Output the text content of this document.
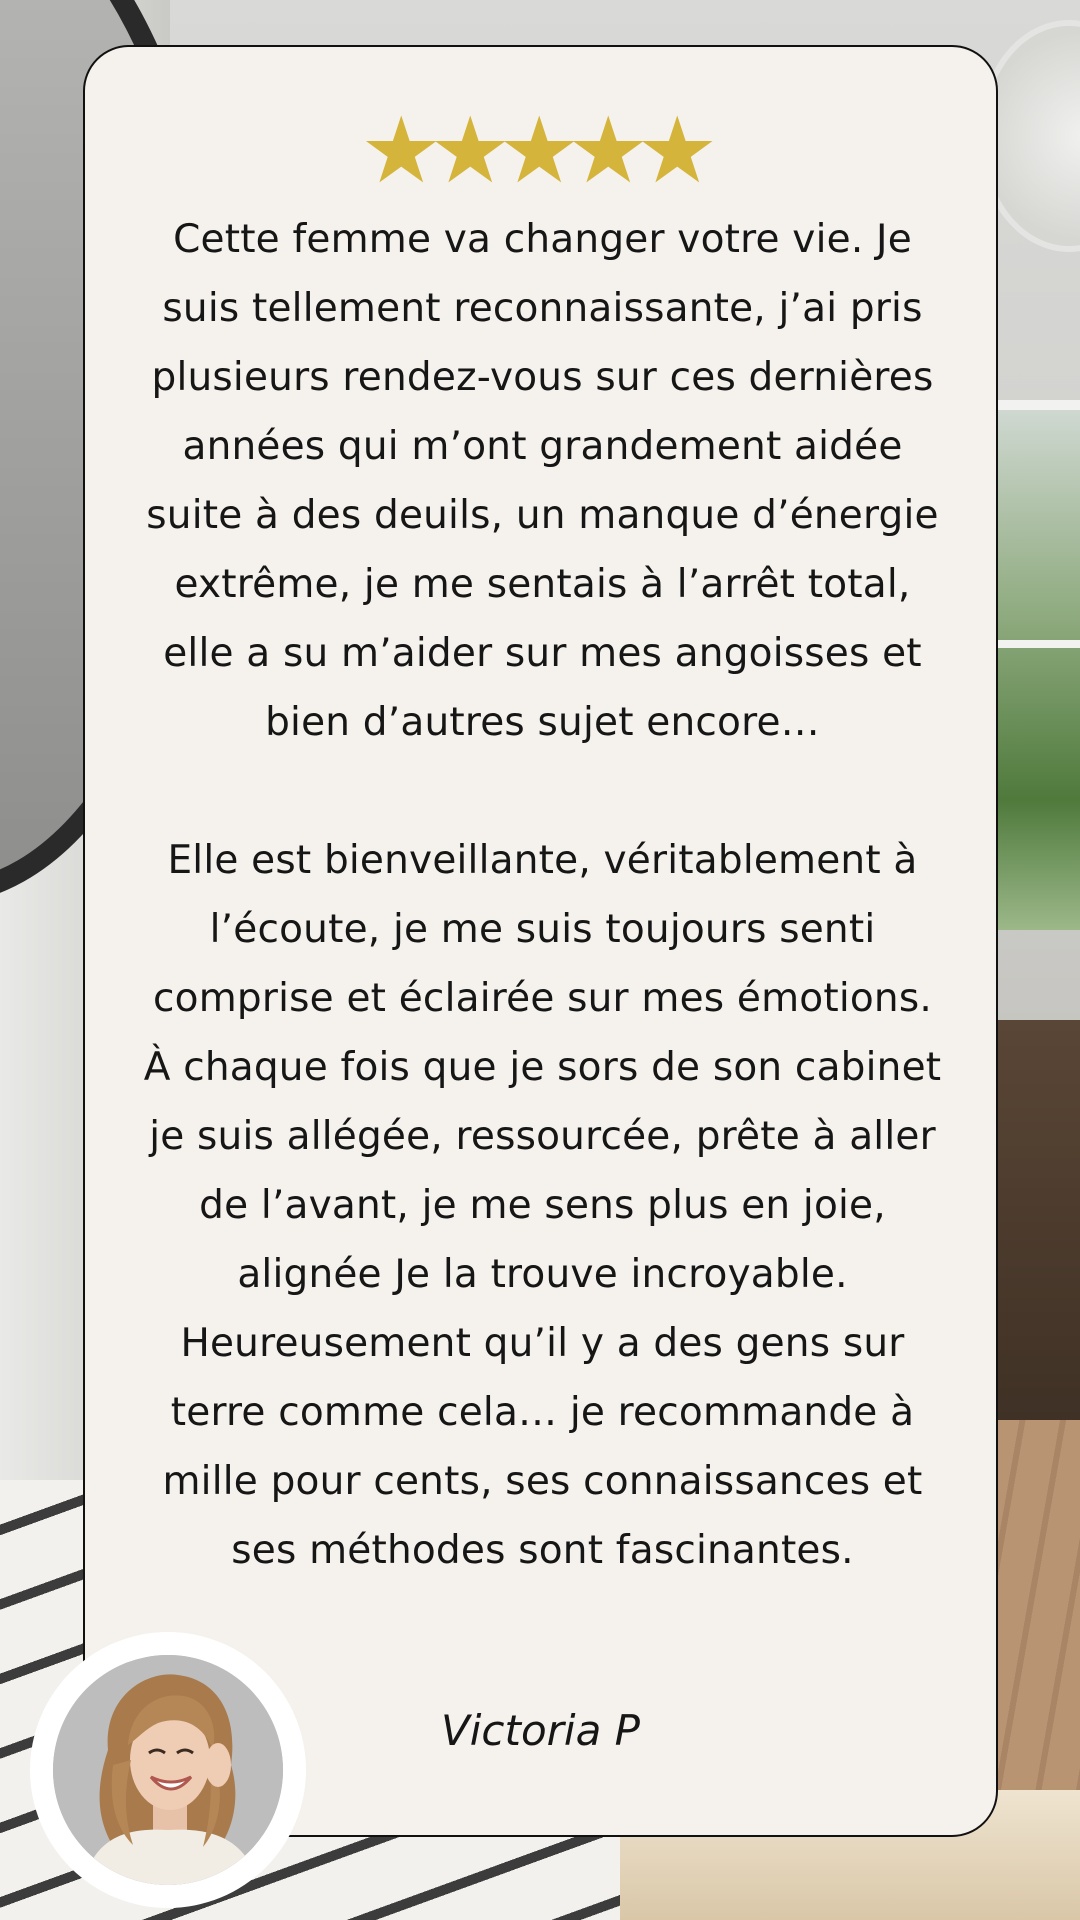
★★★★★

Cette femme va changer votre vie. Je suis tellement reconnaissante, j’ai pris plusieurs rendez-vous sur ces dernières années qui m’ont grandement aidée suite à des deuils, un manque d’énergie extrême, je me sentais à l’arrêt total, elle a su m’aider sur mes angoisses et bien d’autres sujet encore…

Elle est bienveillante, véritablement à l’écoute, je me suis toujours senti comprise et éclairée sur mes émotions. À chaque fois que je sors de son cabinet je suis allégée, ressourcée, prête à aller de l’avant, je me sens plus en joie, alignée Je la trouve incroyable. Heureusement qu’il y a des gens sur terre comme cela… je recommande à mille pour cents, ses connaissances et ses méthodes sont fascinantes.

Victoria P
